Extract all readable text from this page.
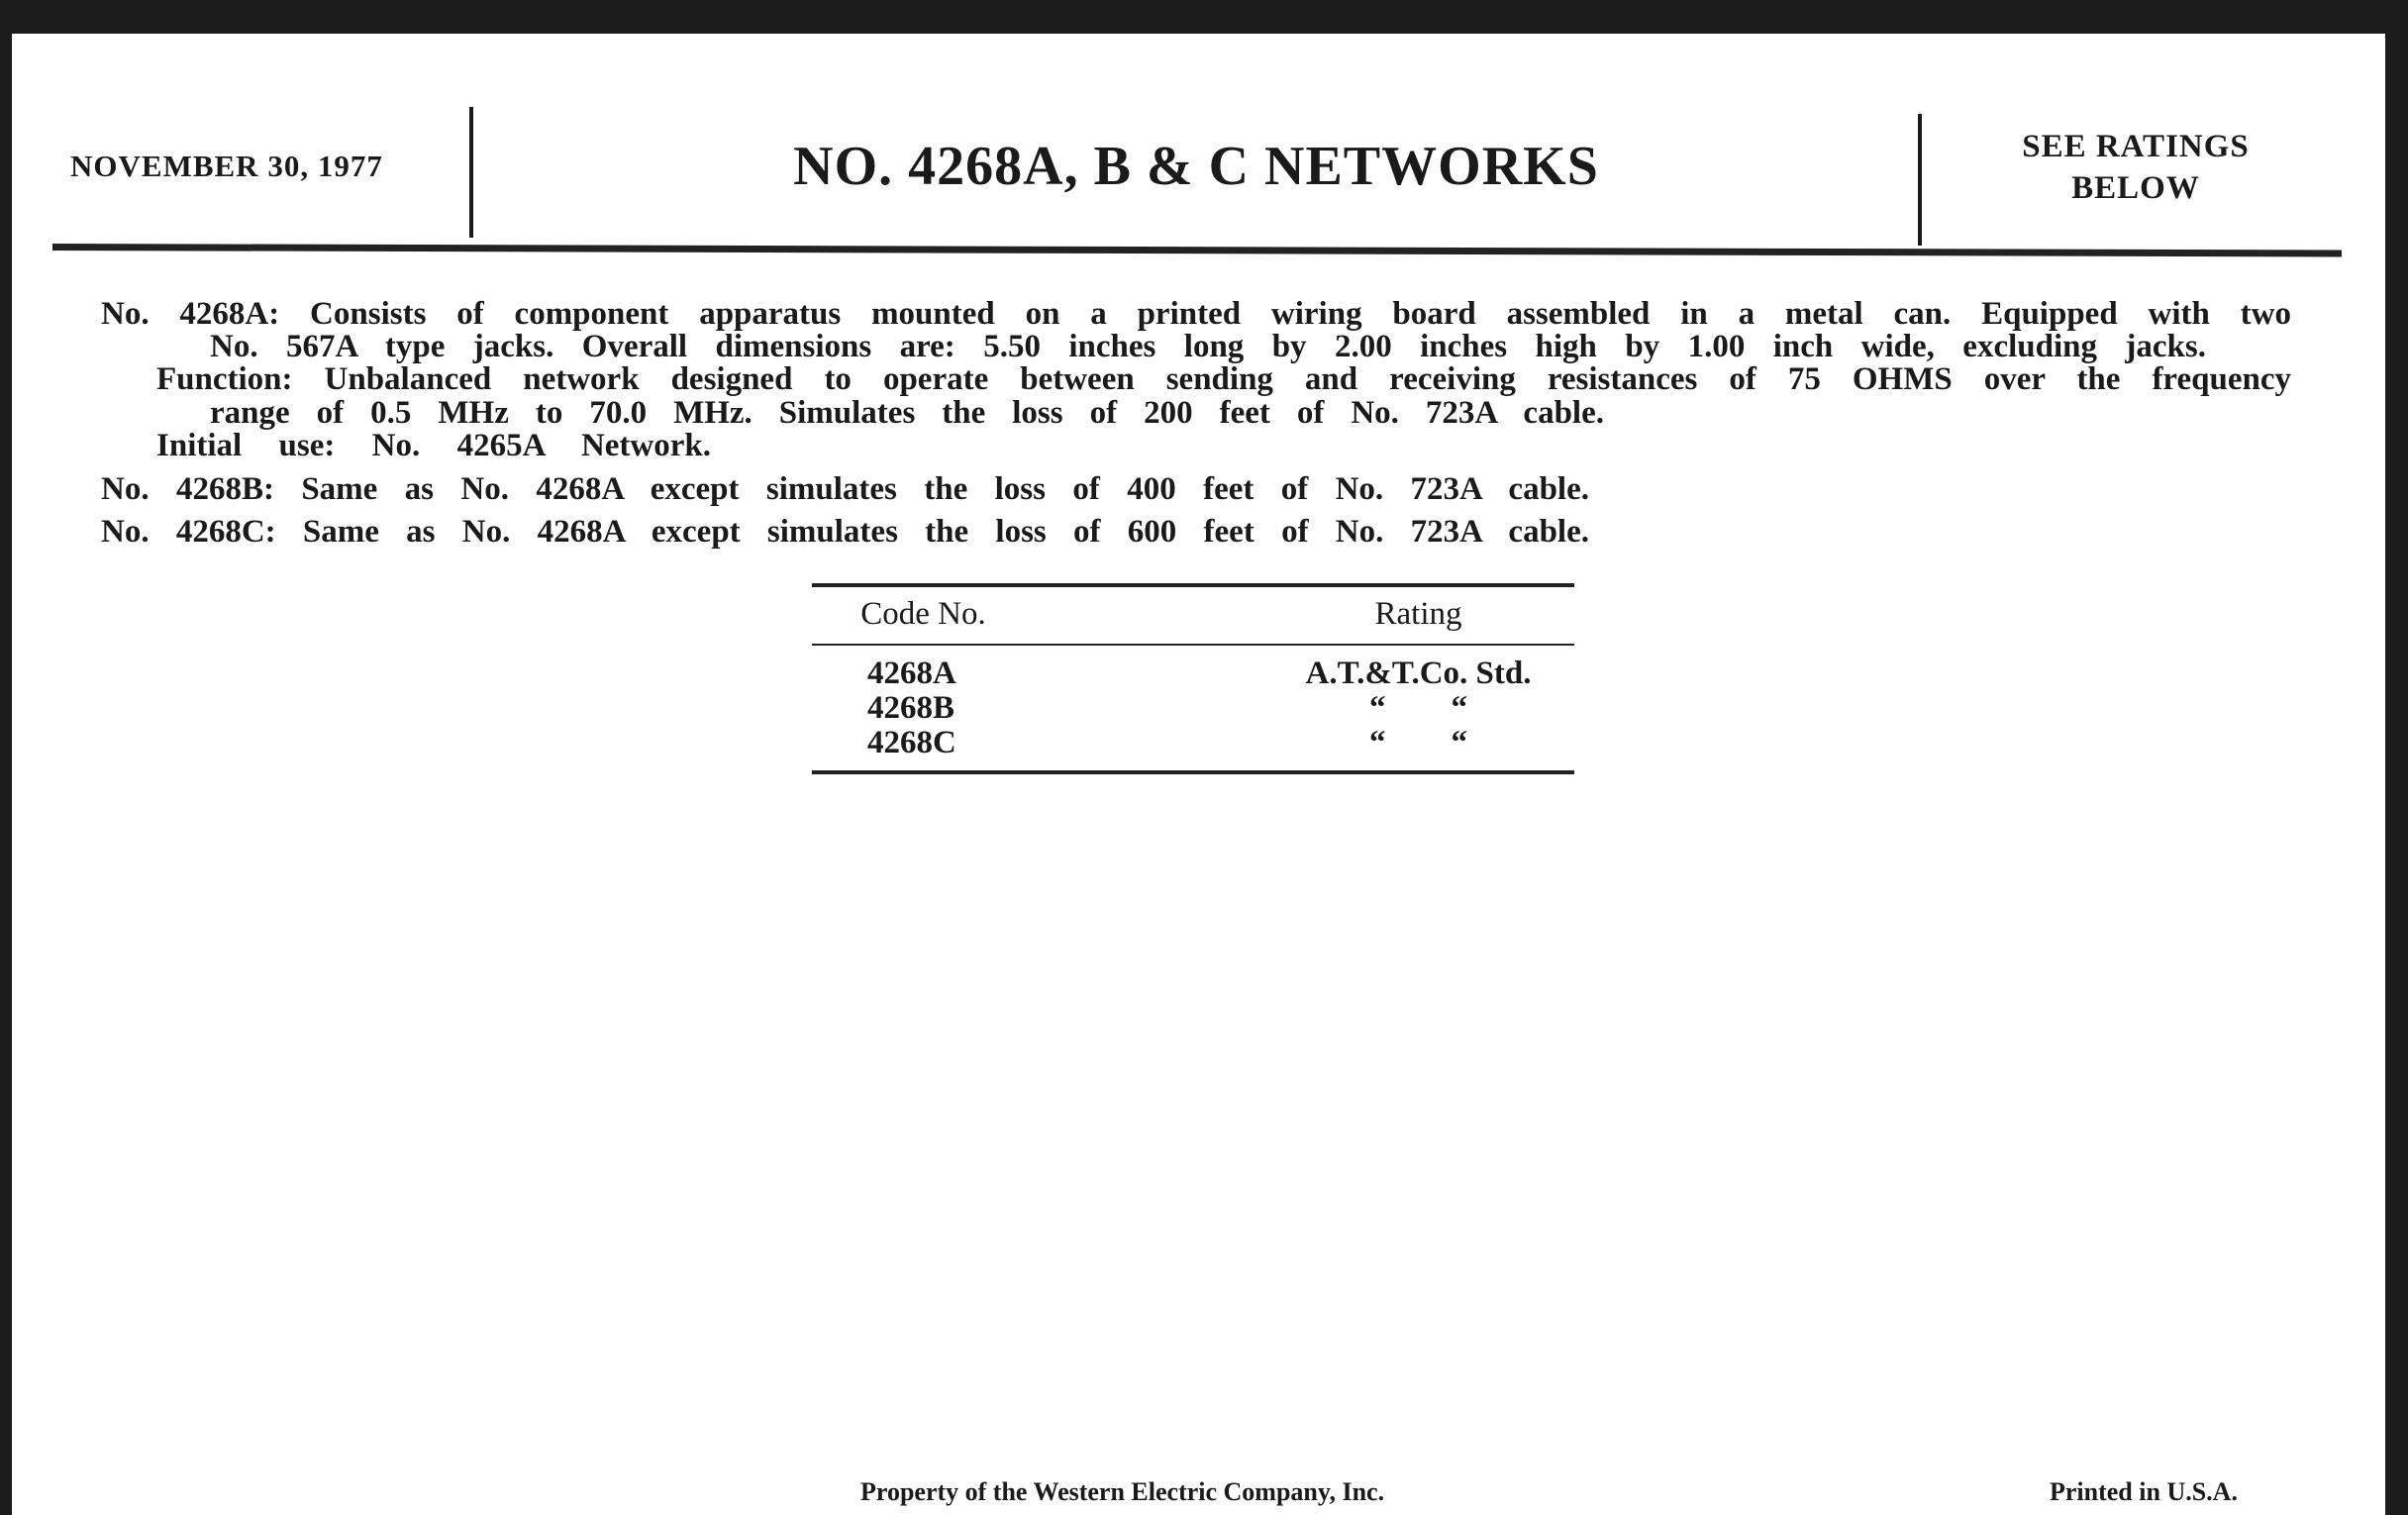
NOVEMBER 30, 1977	NO. 4268A, B & C NETWORKS	SEE RATINGS
BELOW
No. 4268A: Consists of component apparatus mounted on a printed wiring board assembled in a metal can. Equipped with two
No. 567A type jacks. Overall dimensions are: 5.50 inches long by 2.00 inches high by 1.00 inch wide, excluding jacks.
Function: Unbalanced network designed to operate between sending and receiving resistances of 75 OHMS over the frequency
range of 0.5 MHz to 70.0 MHz. Simulates the loss of 200 feet of No. 723A cable.
Initial use: No. 4265A Network.
No. 4268B: Same as No. 4268A except simulates the loss of 400 feet of No. 723A cable.
No. 4268C: Same as No. 4268A except simulates the loss of 600 feet of No. 723A cable.
Code No.	Rating
4268A	A.T.&T.Co. Std.
4268B	“        “
4268C	“        “
Property of the Western Electric Company, Inc.	Printed in U.S.A.
